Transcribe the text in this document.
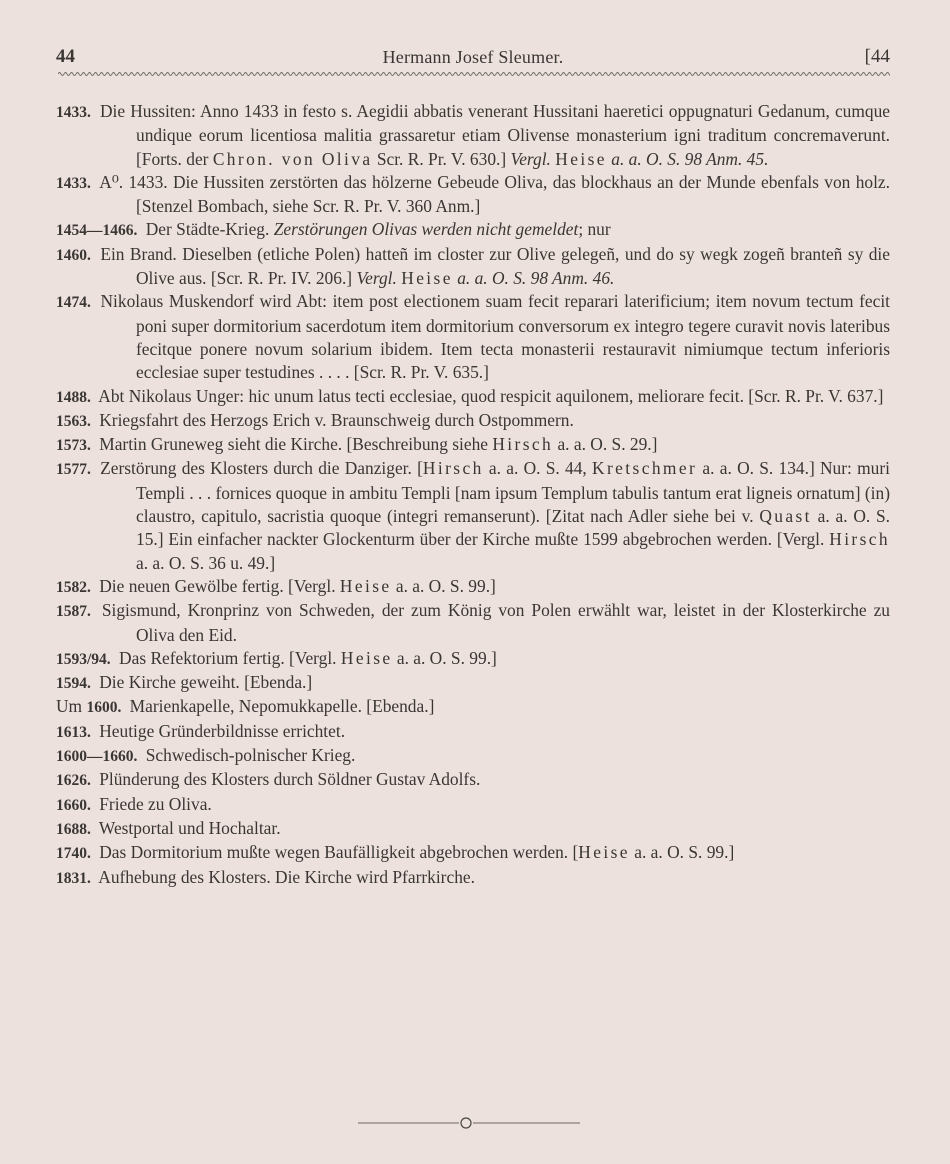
44	Hermann Josef Sleumer.	[44

1433. Die Hussiten: Anno 1433 in festo s. Aegidii abbatis venerant Hussitani haeretici oppugnaturi Gedanum, cumque undique eorum licentiosa malitia grassaretur etiam Olivense monasterium igni traditum concremaverunt. [Forts. der Chron. von Oliva Scr. R. Pr. V. 630.] Vergl. Heise a. a. O. S. 98 Anm. 45.

1433. A⁰. 1433. Die Hussiten zerstörten das hölzerne Gebeude Oliva, das blockhaus an der Munde ebenfals von holz. [Stenzel Bombach, siehe Scr. R. Pr. V. 360 Anm.]

1454—1466. Der Städte-Krieg. Zerstörungen Olivas werden nicht gemeldet; nur

1460. Ein Brand. Dieselben (etliche Polen) hatteñ im closter zur Olive gelegeñ, und do sy wegk zogeñ branteñ sy die Olive aus. [Scr. R. Pr. IV. 206.] Vergl. Heise a. a. O. S. 98 Anm. 46.

1474. Nikolaus Muskendorf wird Abt: item post electionem suam fecit reparari laterificium; item novum tectum fecit poni super dormitorium sacerdotum item dormitorium conversorum ex integro tegere curavit novis lateribus fecitque ponere novum solarium ibidem. Item tecta monasterii restauravit nimiumque tectum inferioris ecclesiae super testudines . . . . [Scr. R. Pr. V. 635.]

1488. Abt Nikolaus Unger: hic unum latus tecti ecclesiae, quod respicit aquilonem, meliorare fecit. [Scr. R. Pr. V. 637.]

1563. Kriegsfahrt des Herzogs Erich v. Braunschweig durch Ostpommern.

1573. Martin Gruneweg sieht die Kirche. [Beschreibung siehe Hirsch a. a. O. S. 29.]

1577. Zerstörung des Klosters durch die Danziger. [Hirsch a. a. O. S. 44, Kretschmer a. a. O. S. 134.] Nur: muri Templi . . . fornices quoque in ambitu Templi [nam ipsum Templum tabulis tantum erat ligneis ornatum] (in) claustro, capitulo, sacristia quoque (integri remanserunt). [Zitat nach Adler siehe bei v. Quast a. a. O. S. 15.] Ein einfacher nackter Glockenturm über der Kirche mußte 1599 abgebrochen werden. [Vergl. Hirsch a. a. O. S. 36 u. 49.]

1582. Die neuen Gewölbe fertig. [Vergl. Heise a. a. O. S. 99.]

1587. Sigismund, Kronprinz von Schweden, der zum König von Polen erwählt war, leistet in der Klosterkirche zu Oliva den Eid.

1593/94. Das Refektorium fertig. [Vergl. Heise a. a. O. S. 99.]

1594. Die Kirche geweiht. [Ebenda.]

Um 1600. Marienkapelle, Nepomukkapelle. [Ebenda.]

1613. Heutige Gründerbildnisse errichtet.

1600—1660. Schwedisch-polnischer Krieg.

1626. Plünderung des Klosters durch Söldner Gustav Adolfs.

1660. Friede zu Oliva.

1688. Westportal und Hochaltar.

1740. Das Dormitorium mußte wegen Baufälligkeit abgebrochen werden. [Heise a. a. O. S. 99.]

1831. Aufhebung des Klosters. Die Kirche wird Pfarrkirche.
